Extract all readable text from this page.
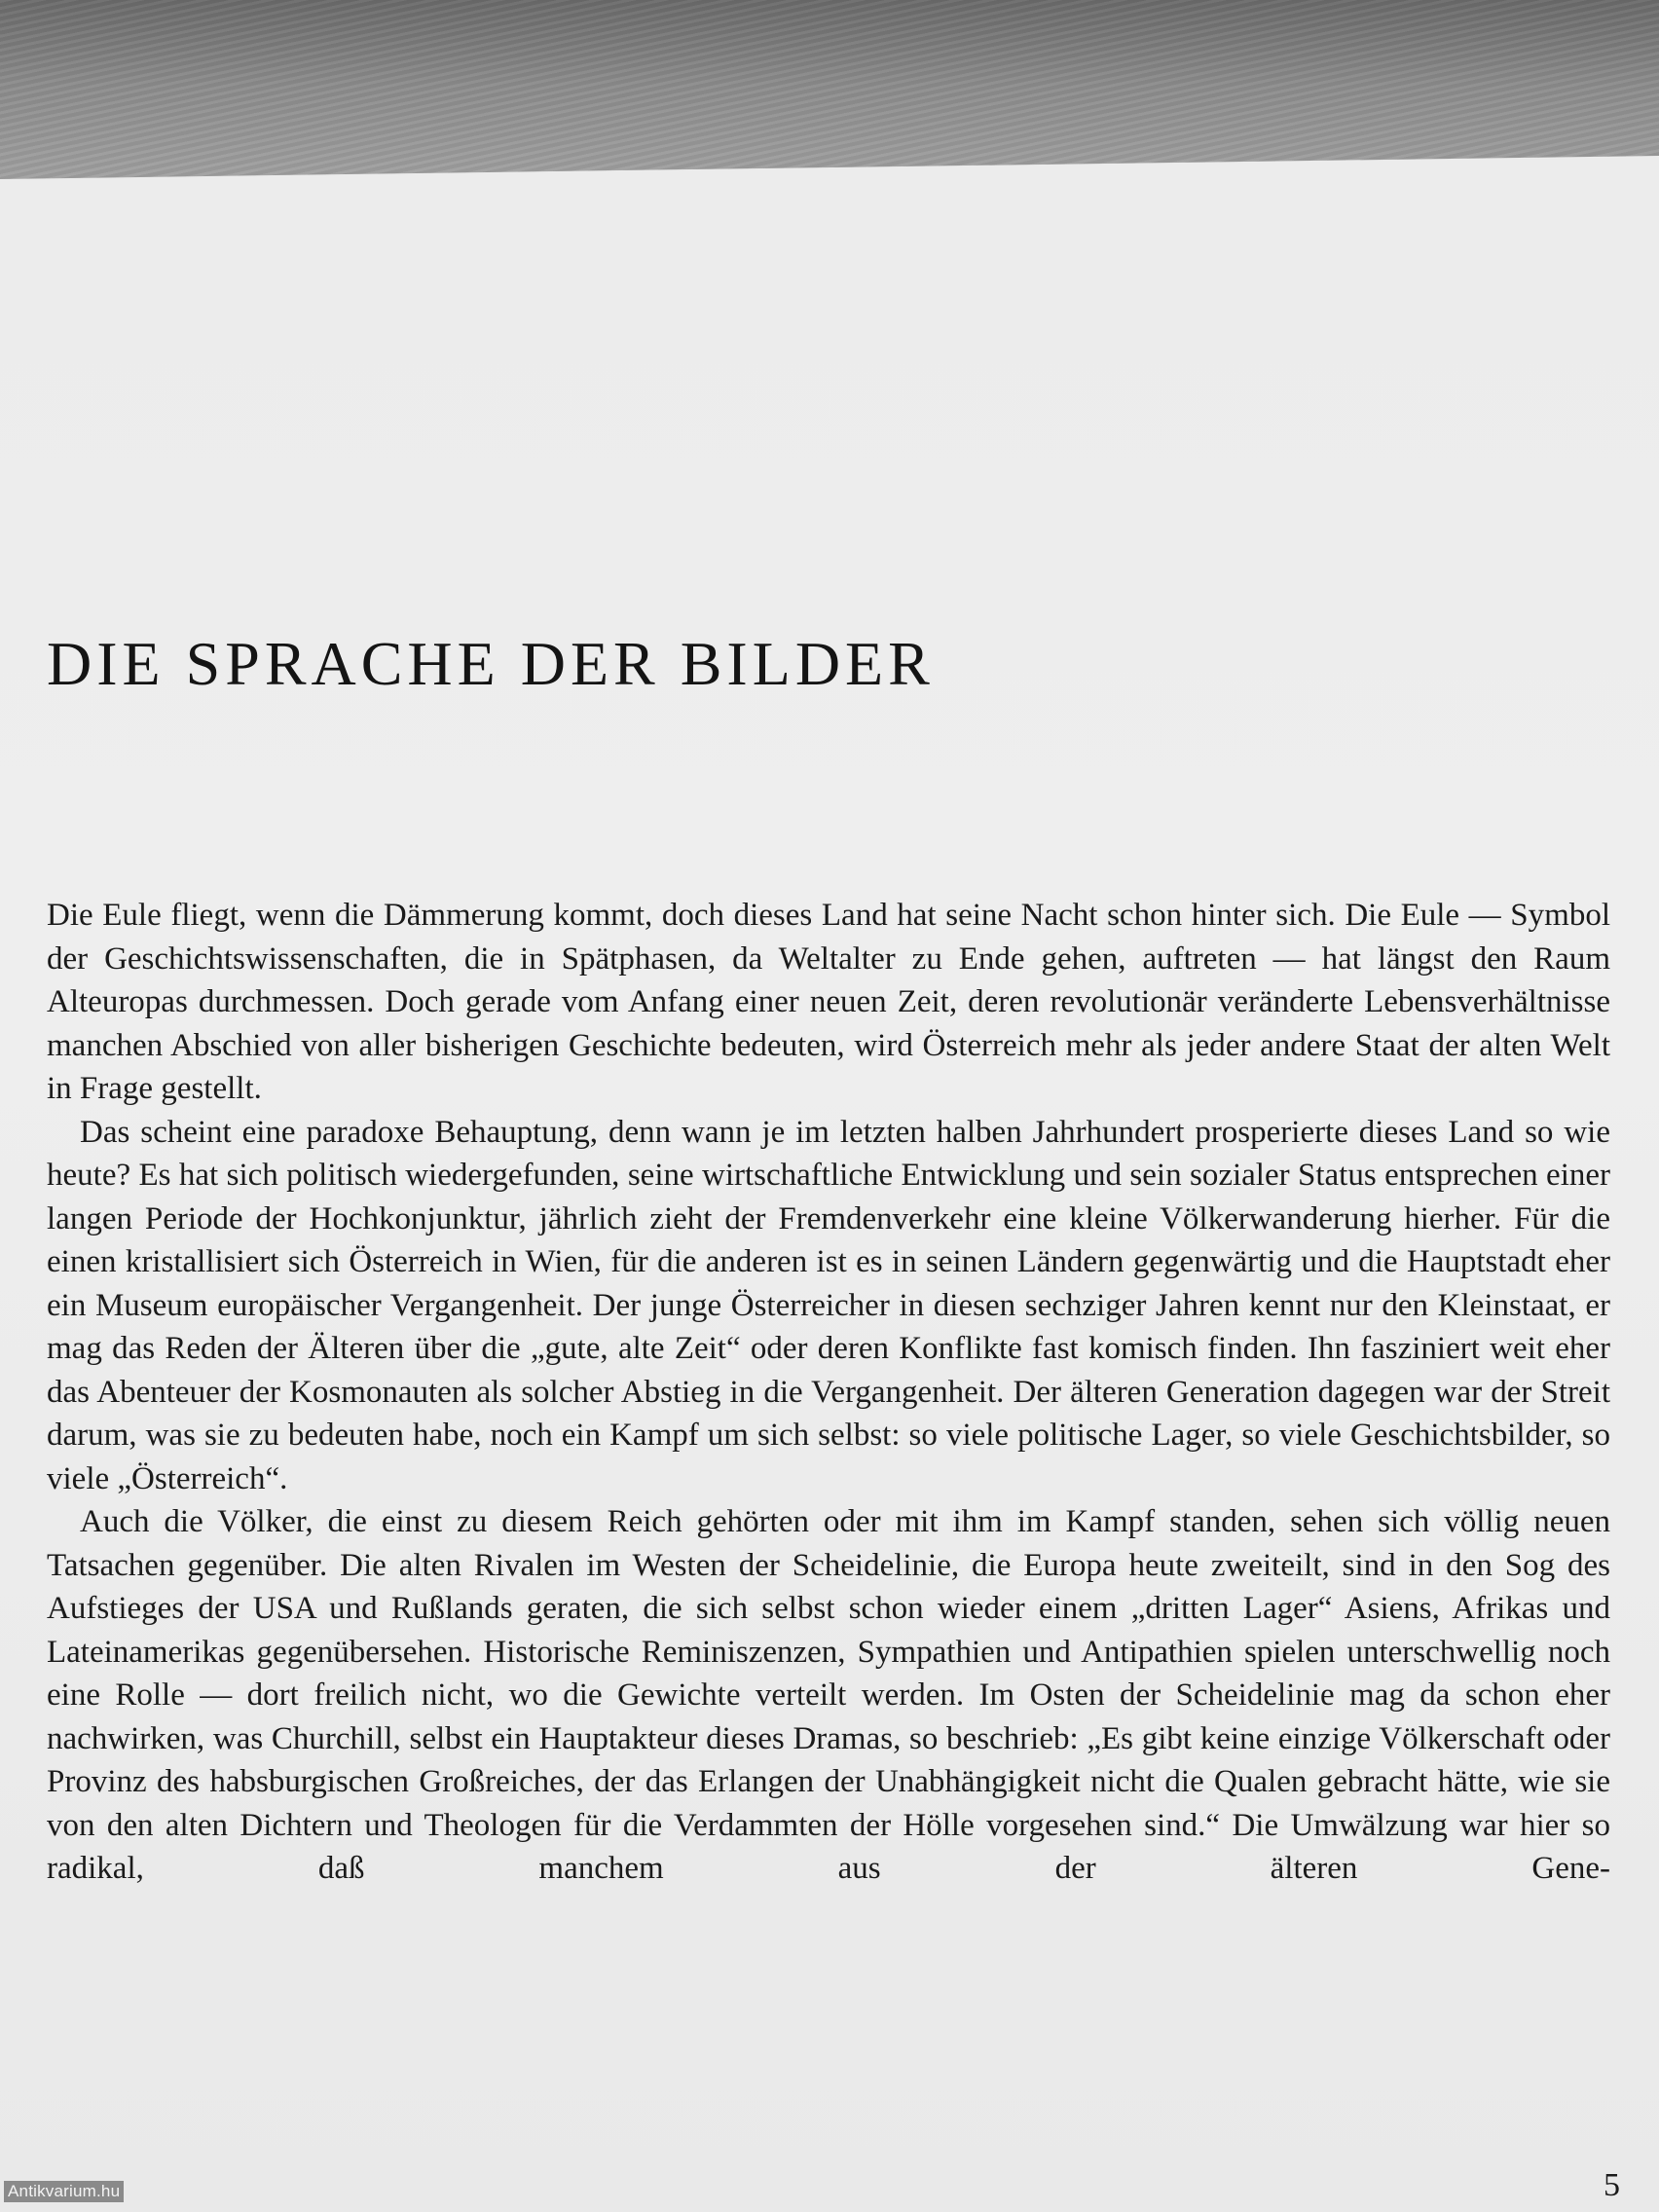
DIE SPRACHE DER BILDER

Die Eule fliegt, wenn die Dämmerung kommt, doch dieses Land hat seine Nacht schon hinter sich. Die Eule — Symbol der Geschichtswissenschaften, die in Spätphasen, da Weltalter zu Ende gehen, auftreten — hat längst den Raum Alteuropas durchmessen. Doch gerade vom Anfang einer neuen Zeit, deren revolutionär veränderte Lebensverhältnisse manchen Abschied von aller bisherigen Geschichte bedeuten, wird Österreich mehr als jeder andere Staat der alten Welt in Frage gestellt.

Das scheint eine paradoxe Behauptung, denn wann je im letzten halben Jahrhundert prosperierte dieses Land so wie heute? Es hat sich politisch wiedergefunden, seine wirtschaftliche Entwicklung und sein sozialer Status entsprechen einer langen Periode der Hochkonjunktur, jährlich zieht der Fremdenverkehr eine kleine Völkerwanderung hierher. Für die einen kristallisiert sich Österreich in Wien, für die anderen ist es in seinen Ländern gegenwärtig und die Hauptstadt eher ein Museum europäischer Vergangenheit. Der junge Österreicher in diesen sechziger Jahren kennt nur den Kleinstaat, er mag das Reden der Älteren über die „gute, alte Zeit“ oder deren Konflikte fast komisch finden. Ihn fasziniert weit eher das Abenteuer der Kosmonauten als solcher Abstieg in die Vergangenheit. Der älteren Generation dagegen war der Streit darum, was sie zu bedeuten habe, noch ein Kampf um sich selbst: so viele politische Lager, so viele Geschichtsbilder, so viele „Österreich“.

Auch die Völker, die einst zu diesem Reich gehörten oder mit ihm im Kampf standen, sehen sich völlig neuen Tatsachen gegenüber. Die alten Rivalen im Westen der Scheidelinie, die Europa heute zweiteilt, sind in den Sog des Aufstieges der USA und Rußlands geraten, die sich selbst schon wieder einem „dritten Lager“ Asiens, Afrikas und Lateinamerikas gegenübersehen. Historische Reminiszenzen, Sympathien und Antipathien spielen unterschwellig noch eine Rolle — dort freilich nicht, wo die Gewichte verteilt werden. Im Osten der Scheidelinie mag da schon eher nachwirken, was Churchill, selbst ein Hauptakteur dieses Dramas, so beschrieb: „Es gibt keine einzige Völkerschaft oder Provinz des habsburgischen Großreiches, der das Erlangen der Unabhängigkeit nicht die Qualen gebracht hätte, wie sie von den alten Dichtern und Theologen für die Verdammten der Hölle vorgesehen sind.“ Die Umwälzung war hier so radikal, daß manchem aus der älteren Gene-

5
Antikvarium.hu
